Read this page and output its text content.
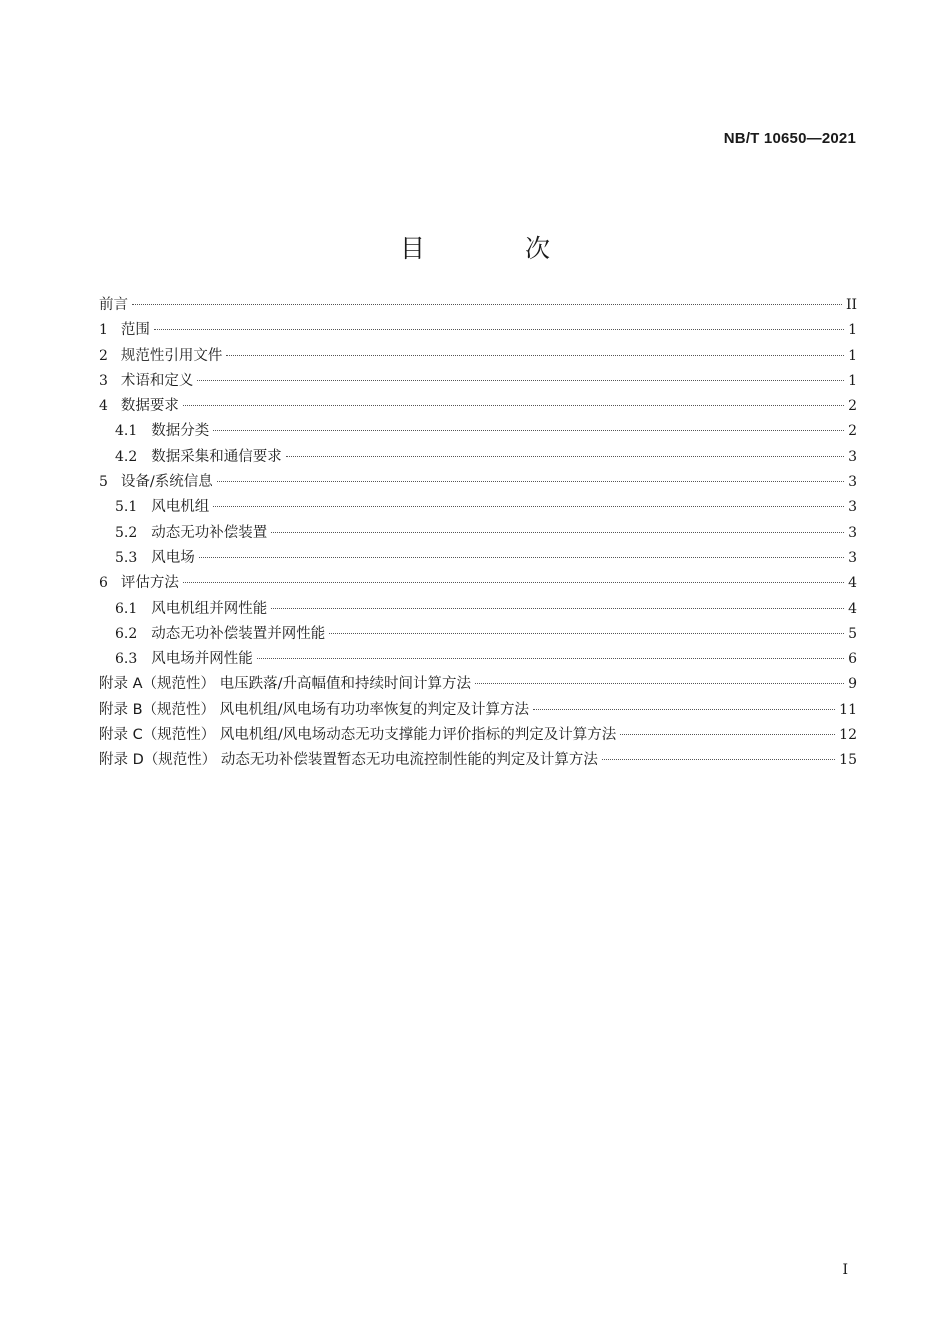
NB/T 10650—2021
目 次
前言	II
1 范围	1
2 规范性引用文件	1
3 术语和定义	1
4 数据要求	2
4.1 数据分类	2
4.2 数据采集和通信要求	3
5 设备/系统信息	3
5.1 风电机组	3
5.2 动态无功补偿装置	3
5.3 风电场	3
6 评估方法	4
6.1 风电机组并网性能	4
6.2 动态无功补偿装置并网性能	5
6.3 风电场并网性能	6
附录 A（规范性） 电压跌落/升高幅值和持续时间计算方法	9
附录 B（规范性） 风电机组/风电场有功功率恢复的判定及计算方法	11
附录 C（规范性） 风电机组/风电场动态无功支撑能力评价指标的判定及计算方法	12
附录 D（规范性） 动态无功补偿装置暂态无功电流控制性能的判定及计算方法	15
I
